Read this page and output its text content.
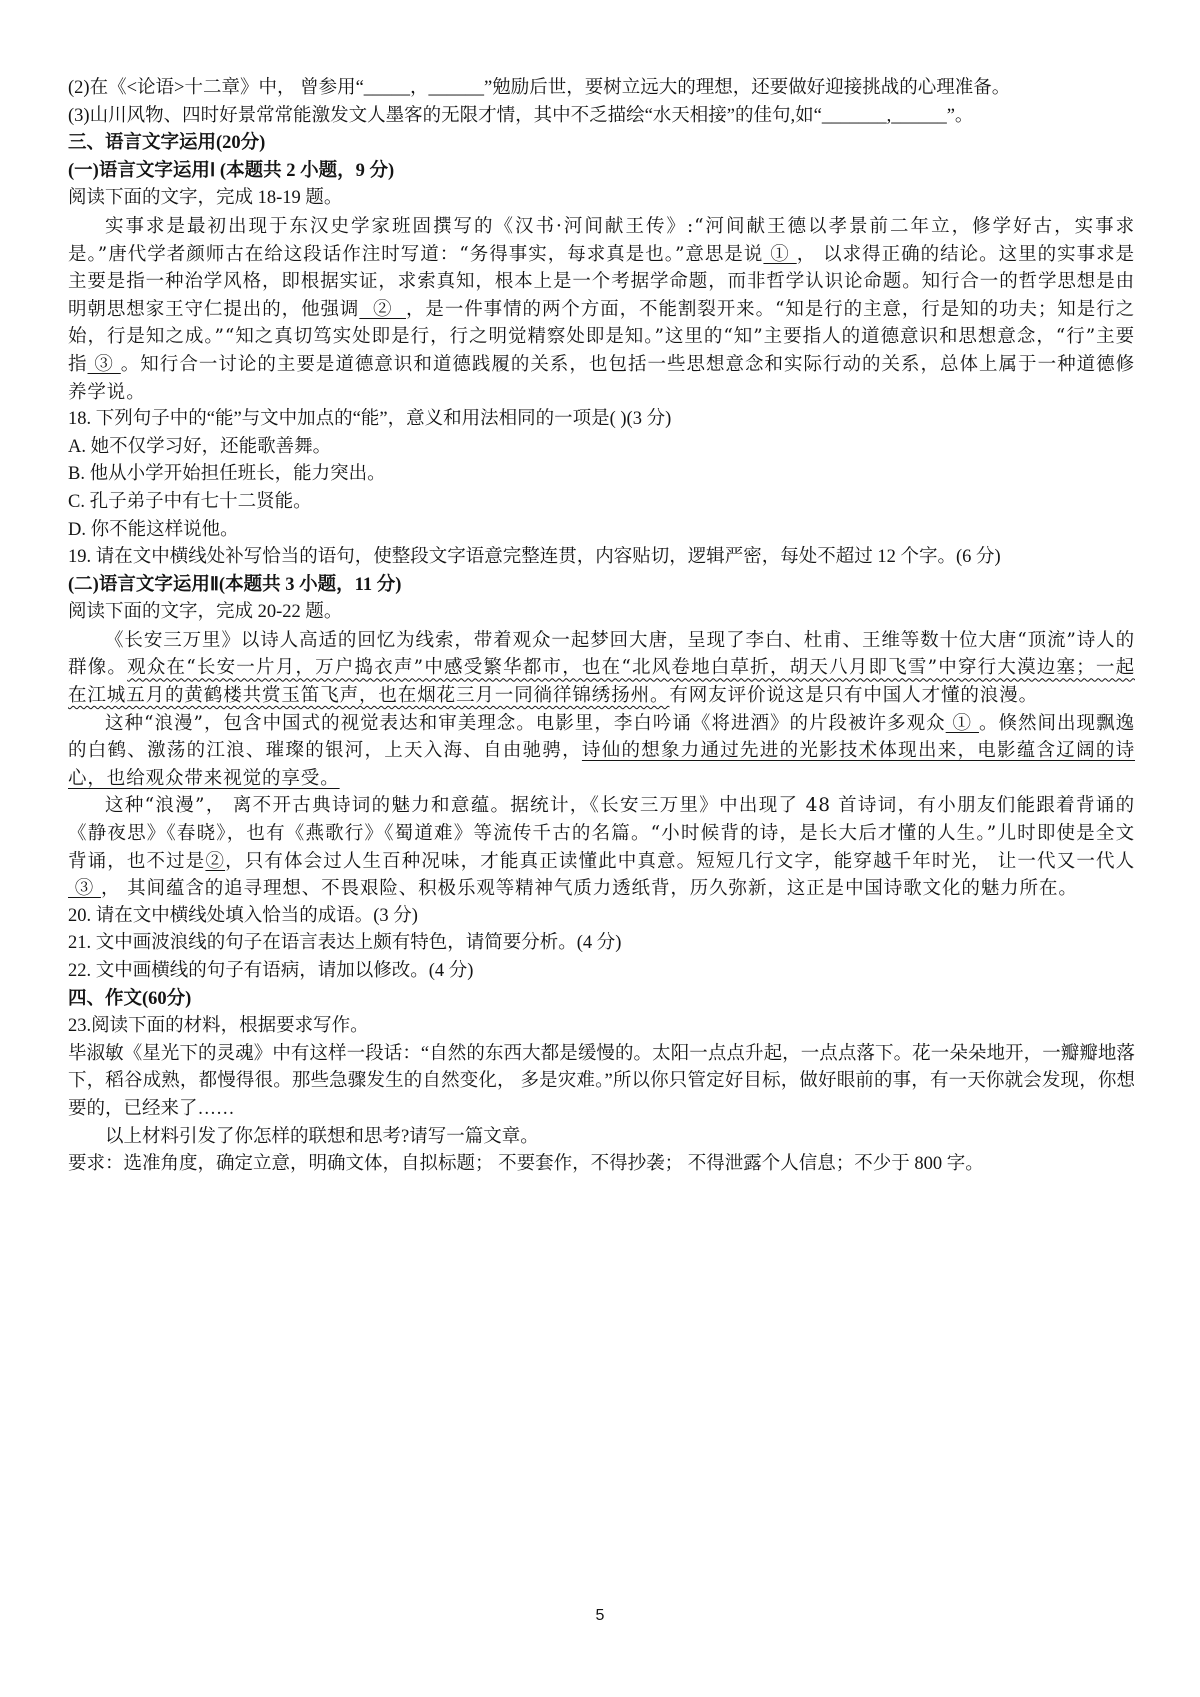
(2)在《<论语>十二章》中， 曾参用“_____，______”勉励后世，要树立远大的理想，还要做好迎接挑战的心理准备。

(3)山川风物、四时好景常常能激发文人墨客的无限才情，其中不乏描绘“水天相接”的佳句,如“_______,______”。

三、语言文字运用(20分)

(一)语言文字运用Ⅰ (本题共 2 小题，9 分)

阅读下面的文字，完成 18-19 题。

实事求是最初出现于东汉史学家班固撰写的《汉书·河间献王传》:“河间献王德以孝景前二年立，修学好古，实事求是。”唐代学者颜师古在给这段话作注时写道：“务得事实，每求真是也。”意思是说 ① ， 以求得正确的结论。这里的实事求是主要是指一种治学风格，即根据实证，求索真知，根本上是一个考据学命题，而非哲学认识论命题。知行合一的哲学思想是由明朝思想家王守仁提出的，他强调  ②  ，是一件事情的两个方面，不能割裂开来。“知是行的主意，行是知的功夫；知是行之始，行是知之成。”“知之真切笃实处即是行，行之明觉精察处即是知。”这里的“知”主要指人的道德意识和思想意念，“行”主要指 ③ 。知行合一讨论的主要是道德意识和道德践履的关系，也包括一些思想意念和实际行动的关系，总体上属于一种道德修养学说。

18. 下列句子中的“能”与文中加点的“能”，意义和用法相同的一项是( )(3 分)

A. 她不仅学习好，还能歌善舞。

B. 他从小学开始担任班长，能力突出。

C. 孔子弟子中有七十二贤能。

D. 你不能这样说他。

19. 请在文中横线处补写恰当的语句，使整段文字语意完整连贯，内容贴切，逻辑严密，每处不超过 12 个字。(6 分)

(二)语言文字运用Ⅱ(本题共 3 小题，11 分)

阅读下面的文字，完成 20-22 题。

《长安三万里》以诗人高适的回忆为线索，带着观众一起梦回大唐，呈现了李白、杜甫、王维等数十位大唐“顶流”诗人的群像。观众在“长安一片月，万户捣衣声”中感受繁华都市，也在“北风卷地白草折，胡天八月即飞雪”中穿行大漠边塞；一起在江城五月的黄鹤楼共赏玉笛飞声，也在烟花三月一同徜徉锦绣扬州。有网友评价说这是只有中国人才懂的浪漫。

这种“浪漫”，包含中国式的视觉表达和审美理念。电影里，李白吟诵《将进酒》的片段被许多观众 ① 。倏然间出现飘逸的白鹤、激荡的江浪、璀璨的银河，上天入海、自由驰骋，诗仙的想象力通过先进的光影技术体现出来，电影蕴含辽阔的诗心，也给观众带来视觉的享受。

这种“浪漫”， 离不开古典诗词的魅力和意蕴。据统计，《长安三万里》中出现了 48 首诗词，有小朋友们能跟着背诵的《静夜思》《春晓》，也有《燕歌行》《蜀道难》等流传千古的名篇。“小时候背的诗，是长大后才懂的人生。”儿时即使是全文背诵，也不过是②，只有体会过人生百种况味，才能真正读懂此中真意。短短几行文字，能穿越千年时光， 让一代又一代人 ③ ， 其间蕴含的追寻理想、不畏艰险、积极乐观等精神气质力透纸背，历久弥新，这正是中国诗歌文化的魅力所在。

20. 请在文中横线处填入恰当的成语。(3 分)

21. 文中画波浪线的句子在语言表达上颇有特色，请简要分析。(4 分)

22. 文中画横线的句子有语病，请加以修改。(4 分)

四、作文(60分)

23.阅读下面的材料，根据要求写作。

毕淑敏《星光下的灵魂》中有这样一段话：“自然的东西大都是缓慢的。太阳一点点升起，一点点落下。花一朵朵地开，一瓣瓣地落下，稻谷成熟，都慢得很。那些急骤发生的自然变化， 多是灾难。”所以你只管定好目标，做好眼前的事，有一天你就会发现，你想要的，已经来了……

以上材料引发了你怎样的联想和思考?请写一篇文章。

要求：选准角度，确定立意，明确文体，自拟标题； 不要套作，不得抄袭； 不得泄露个人信息；不少于 800 字。

5
